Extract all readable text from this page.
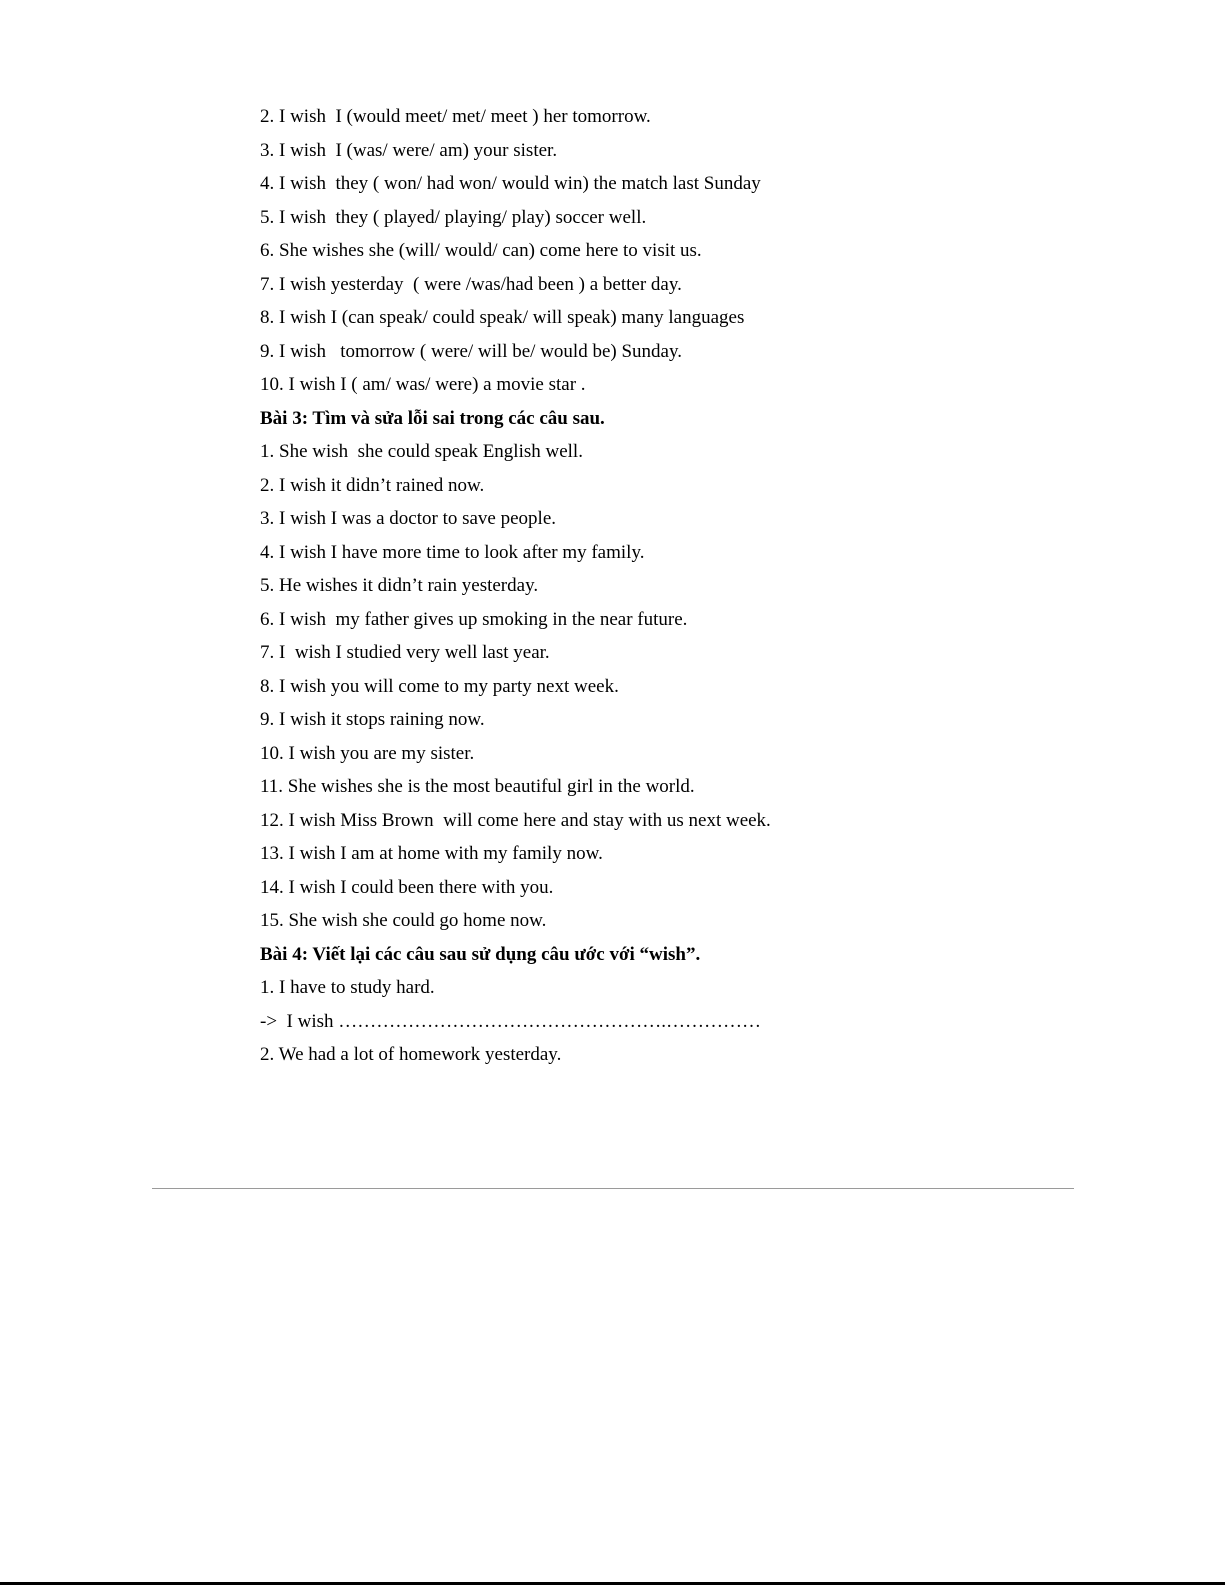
2. I wish  I (would meet/ met/ meet ) her tomorrow.
3. I wish  I (was/ were/ am) your sister.
4. I wish  they ( won/ had won/ would win) the match last Sunday
5. I wish  they ( played/ playing/ play) soccer well.
6. She wishes she (will/ would/ can) come here to visit us.
7. I wish yesterday  ( were /was/had been ) a better day.
8. I wish I (can speak/ could speak/ will speak) many languages
9. I wish   tomorrow ( were/ will be/ would be) Sunday.
10. I wish I ( am/ was/ were) a movie star .
Bài 3: Tìm và sửa lỗi sai trong các câu sau.
1. She wish  she could speak English well.
2. I wish it didn’t rained now.
3. I wish I was a doctor to save people.
4. I wish I have more time to look after my family.
5. He wishes it didn’t rain yesterday.
6. I wish  my father gives up smoking in the near future.
7. I  wish I studied very well last year.
8. I wish you will come to my party next week.
9. I wish it stops raining now.
10. I wish you are my sister.
11. She wishes she is the most beautiful girl in the world.
12. I wish Miss Brown  will come here and stay with us next week.
13. I wish I am at home with my family now.
14. I wish I could been there with you.
15. She wish she could go home now.
Bài 4: Viết lại các câu sau sử dụng câu ước với “wish”.
1. I have to study hard.
->  I wish …………………………………………….……………
2. We had a lot of homework yesterday.
